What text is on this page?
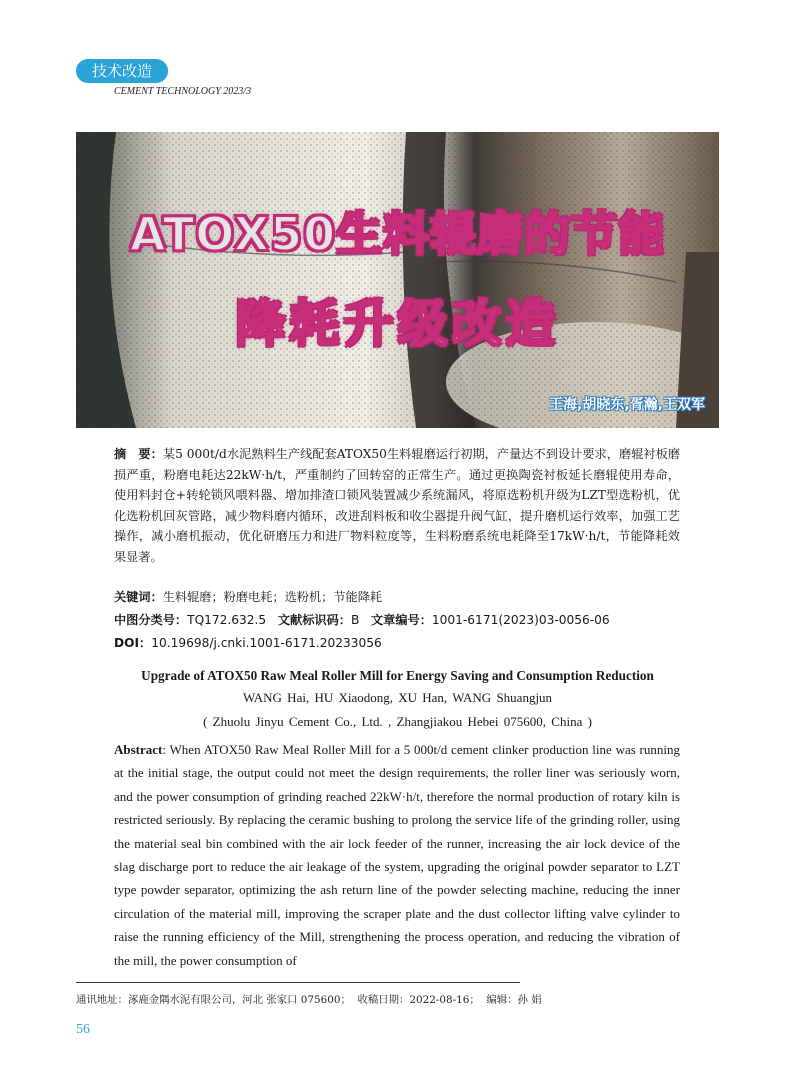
技术改造
CEMENT TECHNOLOGY 2023/3
ATOX50生料辊磨的节能
降耗升级改造
王海,胡晓东,胥瀚,王双军
摘　要：某5 000t/d水泥熟料生产线配套ATOX50生料辊磨运行初期，产量达不到设计要求，磨辊衬板磨损严重，粉磨电耗达22kW·h/t，严重制约了回转窑的正常生产。通过更换陶瓷衬板延长磨辊使用寿命，使用料封仓+转轮锁风喂料器、增加排渣口锁风装置减少系统漏风，将原选粉机升级为LZT型选粉机，优化选粉机回灰管路，减少物料磨内循环，改进刮料板和收尘器提升阀气缸，提升磨机运行效率，加强工艺操作，减小磨机振动，优化研磨压力和进厂物料粒度等，生料粉磨系统电耗降至17kW·h/t，节能降耗效果显著。
关键词：生料辊磨；粉磨电耗；选粉机；节能降耗
中图分类号：TQ172.632.5 文献标识码：B 文章编号：1001-6171(2023)03-0056-06
DOI：10.19698/j.cnki.1001-6171.20233056
Upgrade of ATOX50 Raw Meal Roller Mill for Energy Saving and Consumption Reduction
WANG Hai, HU Xiaodong, XU Han, WANG Shuangjun
( Zhuolu Jinyu Cement Co., Ltd. , Zhangjiakou Hebei 075600, China )
Abstract: When ATOX50 Raw Meal Roller Mill for a 5 000t/d cement clinker production line was running at the initial stage, the output could not meet the design requirements, the roller liner was seriously worn, and the power consumption of grinding reached 22kW·h/t, therefore the normal production of rotary kiln is restricted seriously. By replacing the ceramic bushing to prolong the service life of the grinding roller, using the material seal bin combined with the air lock feeder of the runner, increasing the air lock device of the slag discharge port to reduce the air leakage of the system, upgrading the original powder separator to LZT type powder separator, optimizing the ash return line of the powder selecting machine, reducing the inner circulation of the material mill, improving the scraper plate and the dust collector lifting valve cylinder to raise the running efficiency of the Mill, strengthening the process operation, and reducing the vibration of the mill, the power consumption of
通讯地址：涿鹿金隅水泥有限公司，河北 张家口 075600； 收稿日期：2022-08-16； 编辑：孙 娟
56
